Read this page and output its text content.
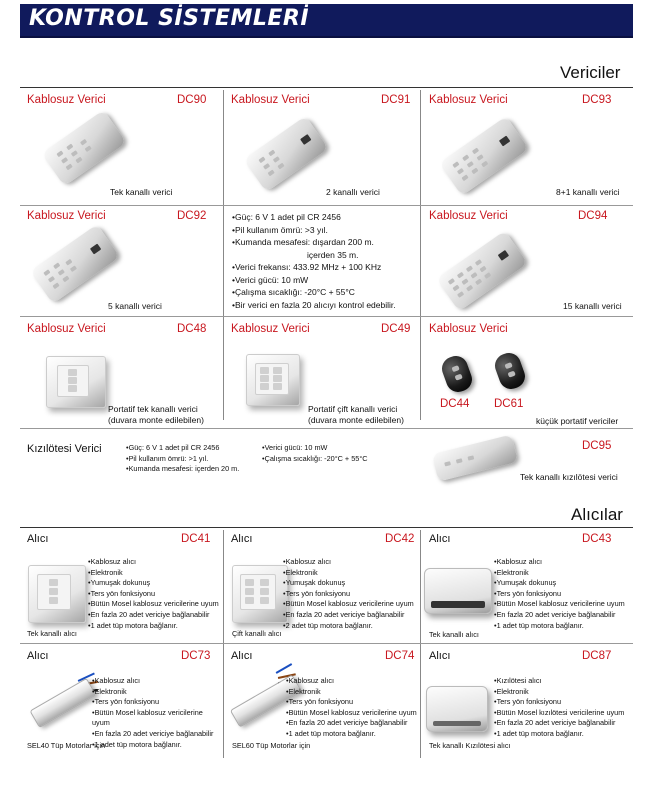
KONTROL SİSTEMLERİ
Vericiler
Kablosuz Verici	DC90
Tek kanallı verici
Kablosuz Verici	DC91
2 kanallı verici
Kablosuz Verici	DC93
8+1 kanallı verici
Kablosuz Verici	DC92
5 kanallı verici
• Güç: 6 V 1 adet pil CR 2456
• Pil kullanım ömrü: >3 yıl.
• Kumanda mesafesi: dışardan 200 m.
içerden 35 m.
• Verici frekansı: 433.92 MHz + 100 KHz
• Verici gücü: 10 mW
• Çalışma sıcaklığı: -20°C + 55°C
• Bir verici en fazla 20 alıcıyı kontrol edebilir.
Kablosuz Verici	DC94
15 kanallı verici
Kablosuz Verici	DC48
Portatif tek kanallı verici
(duvara monte edilebilen)
Kablosuz Verici	DC49
Portatif çift kanallı verici
(duvara monte edilebilen)
Kablosuz Verici
DC44 DC61
küçük portatif vericiler
Kızılötesi Verici
•	Güç: 6 V 1 adet pil CR 2456
• Pil kullanım ömrü: >1 yıl.
• Kumanda mesafesi: içerden 20 m.
• Verici gücü: 10 mW
• Çalışma sıcaklığı: -20°C + 55°C
DC95
Tek kanallı kızılötesi verici
Alıcılar
Alıcı	DC41
• Kablosuz alıcı
• Elektronik
• Yumuşak dokunuş
• Ters yön fonksiyonu
• Bütün Mosel kablosuz vericilerine uyum
• En fazla 20 adet vericiye bağlanabilir
• 1 adet tüp motora bağlanır.
Tek kanallı alıcı
Alıcı	DC42
• Kablosuz alıcı
• Elektronik
• Yumuşak dokunuş
• Ters yön fonksiyonu
• Bütün Mosel kablosuz vericilerine uyum
• En fazla 20 adet vericiye bağlanabilir
• 2 adet tüp motora bağlanır.
Çift kanallı alıcı
Alıcı	DC43
• Kablosuz alıcı
• Elektronik
• Yumuşak dokunuş
• Ters yön fonksiyonu
• Bütün Mosel kablosuz vericilerine uyum
• En fazla 20 adet vericiye bağlanabilir
• 1 adet tüp motora bağlanır.
Tek kanallı alıcı
Alıcı	DC73
• Kablosuz alıcı
• Elektronik
• Ters yön fonksiyonu
• Bütün Mosel kablosuz vericilerine uyum
• En fazla 20 adet vericiye bağlanabilir
• 1 adet tüp motora bağlanır.
SEL40 Tüp Motorlar için
Alıcı	DC74
• Kablosuz alıcı
• Elektronik
• Ters yön fonksiyonu
• Bütün Mosel kablosuz vericilerine uyum
• En fazla 20 adet vericiye bağlanabilir
• 1 adet tüp motora bağlanır.
SEL60 Tüp Motorlar için
Alıcı	DC87
• Kızılötesi alıcı
• Elektronik
• Ters yön fonksiyonu
• Bütün Mosel kızılötesi vericilerine uyum
• En fazla 20 adet vericiye bağlanabilir
• 1 adet tüp motora bağlanır.
Tek kanallı Kızılötesi alıcı
